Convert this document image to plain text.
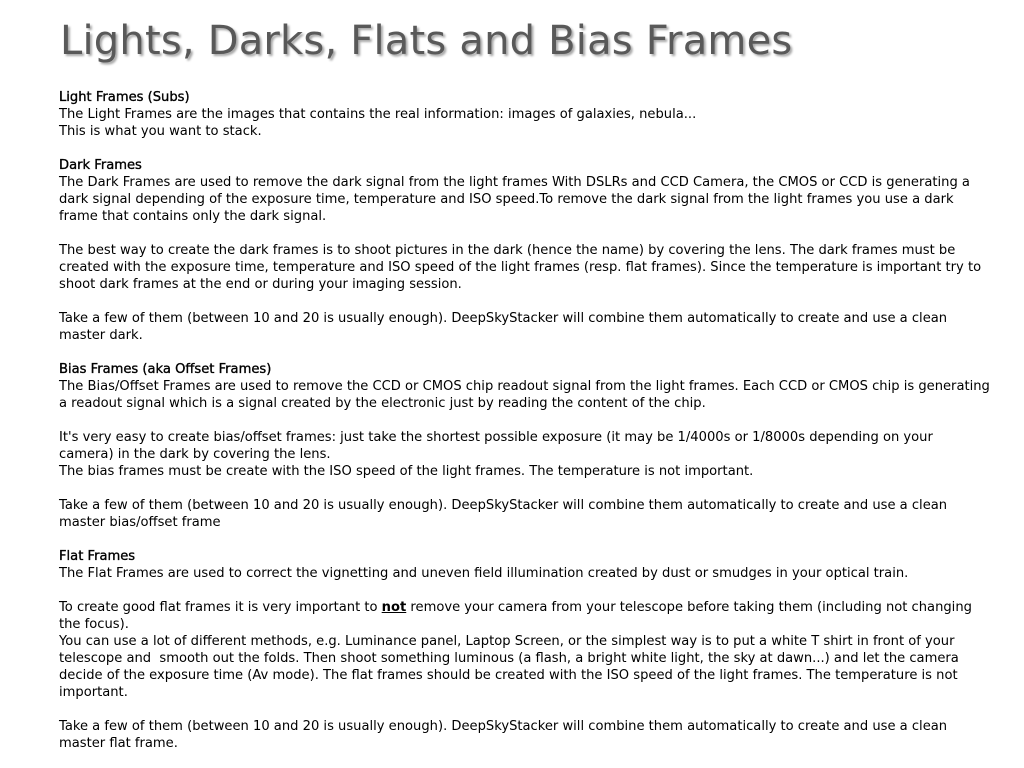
Lights, Darks, Flats and Bias Frames
Light Frames (Subs)
The Light Frames are the images that contains the real information: images of galaxies, nebula...
This is what you want to stack.
Dark Frames
The Dark Frames are used to remove the dark signal from the light frames With DSLRs and CCD Camera, the CMOS or CCD is generating a dark signal depending of the exposure time, temperature and ISO speed.To remove the dark signal from the light frames you use a dark frame that contains only the dark signal.
The best way to create the dark frames is to shoot pictures in the dark (hence the name) by covering the lens. The dark frames must be created with the exposure time, temperature and ISO speed of the light frames (resp. flat frames). Since the temperature is important try to shoot dark frames at the end or during your imaging session.
Take a few of them (between 10 and 20 is usually enough). DeepSkyStacker will combine them automatically to create and use a clean master dark.
Bias Frames (aka Offset Frames)
The Bias/Offset Frames are used to remove the CCD or CMOS chip readout signal from the light frames. Each CCD or CMOS chip is generating a readout signal which is a signal created by the electronic just by reading the content of the chip.
It's very easy to create bias/offset frames: just take the shortest possible exposure (it may be 1/4000s or 1/8000s depending on your camera) in the dark by covering the lens.
The bias frames must be create with the ISO speed of the light frames. The temperature is not important.
Take a few of them (between 10 and 20 is usually enough). DeepSkyStacker will combine them automatically to create and use a clean master bias/offset frame
Flat Frames
The Flat Frames are used to correct the vignetting and uneven field illumination created by dust or smudges in your optical train.
To create good flat frames it is very important to not remove your camera from your telescope before taking them (including not changing the focus).
You can use a lot of different methods, e.g. Luminance panel, Laptop Screen, or the simplest way is to put a white T shirt in front of your telescope and  smooth out the folds. Then shoot something luminous (a flash, a bright white light, the sky at dawn...) and let the camera decide of the exposure time (Av mode). The flat frames should be created with the ISO speed of the light frames. The temperature is not important.
Take a few of them (between 10 and 20 is usually enough). DeepSkyStacker will combine them automatically to create and use a clean master flat frame.
